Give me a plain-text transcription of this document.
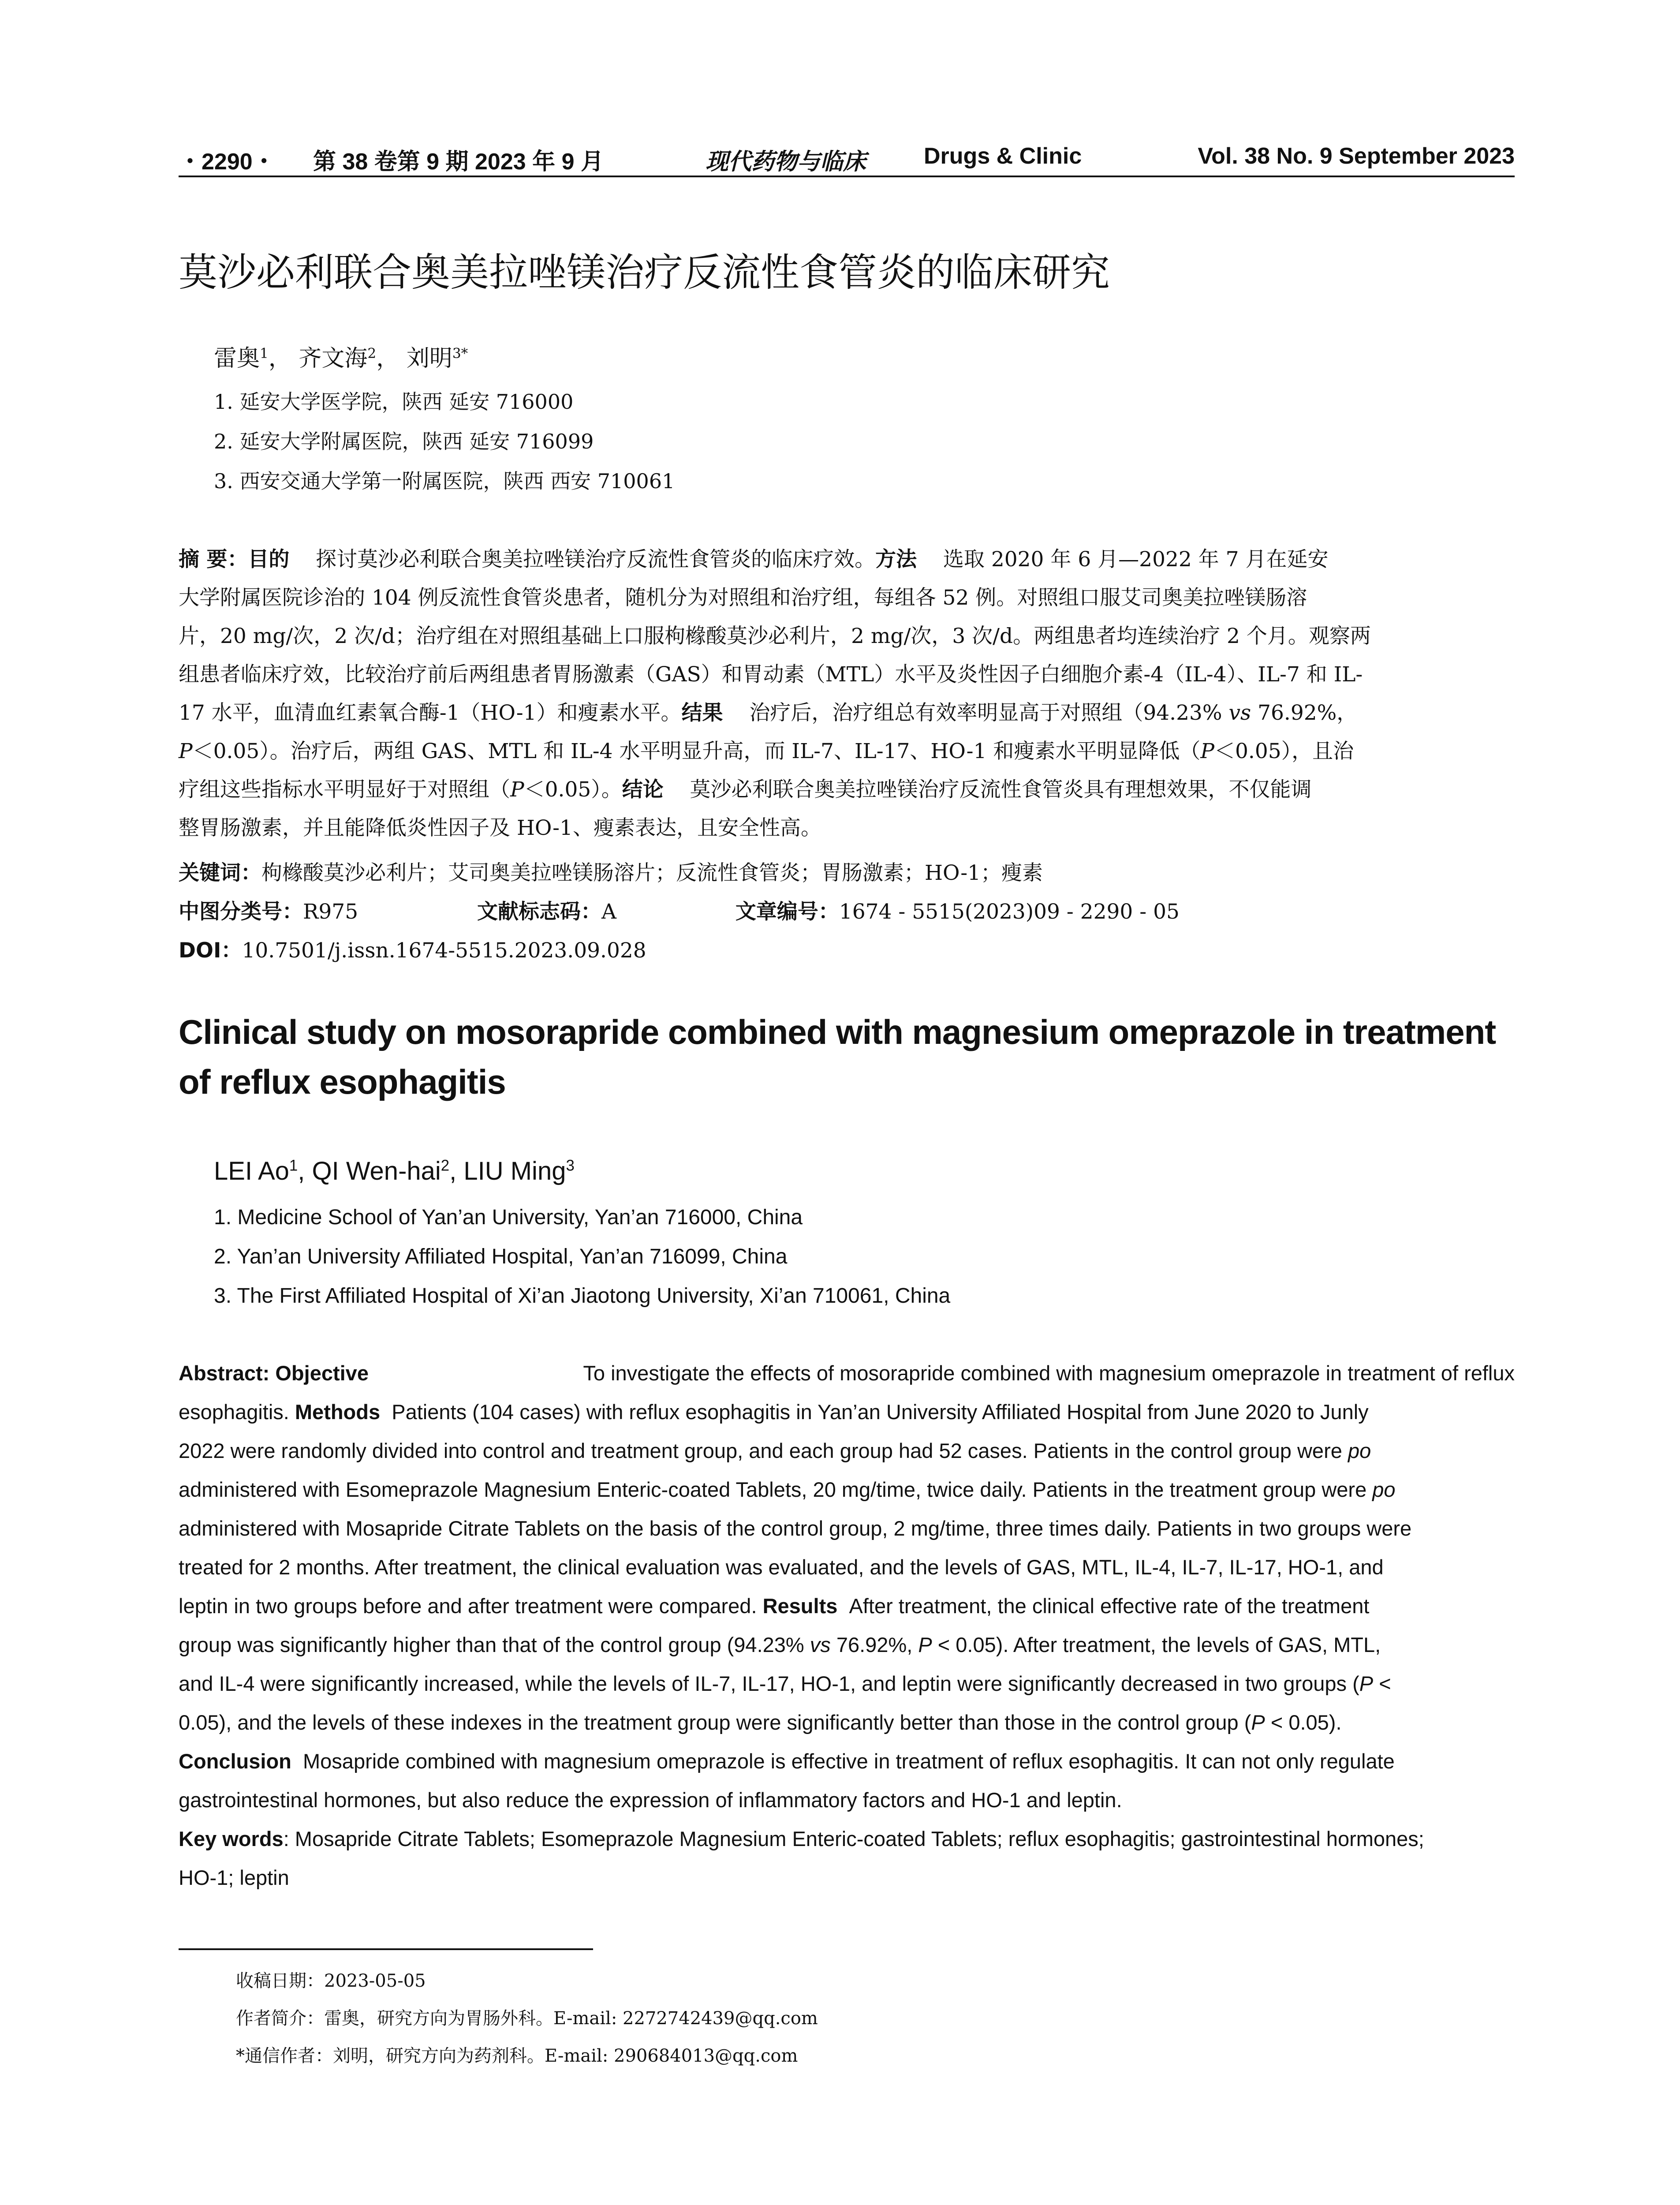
・2290・ 第 38 卷第 9 期 2023 年 9 月	现代药物与临床	Drugs & Clinic	Vol. 38 No. 9 September 2023
莫沙必利联合奥美拉唑镁治疗反流性食管炎的临床研究
雷奥$^1$， 齐文海$^2$， 刘明$^{3*}$
1. 延安大学医学院，陕西 延安 716000
2. 延安大学附属医院，陕西 延安 716099
3. 西安交通大学第一附属医院，陕西 西安 710061
摘 要：目的 探讨莫沙必利联合奥美拉唑镁治疗反流性食管炎的临床疗效。方法 选取 2020 年 6 月—2022 年 7 月在延安
大学附属医院诊治的 104 例反流性食管炎患者，随机分为对照组和治疗组，每组各 52 例。对照组口服艾司奥美拉唑镁肠溶
片，20 mg/次，2 次/d；治疗组在对照组基础上口服枸橼酸莫沙必利片，2 mg/次，3 次/d。两组患者均连续治疗 2 个月。观察两
组患者临床疗效，比较治疗前后两组患者胃肠激素（GAS）和胃动素（MTL）水平及炎性因子白细胞介素-4（IL-4）、IL-7 和 IL-
17 水平，血清血红素氧合酶-1（HO-1）和瘦素水平。结果 治疗后，治疗组总有效率明显高于对照组（94.23% vs 76.92%，
P＜0.05）。治疗后，两组 GAS、MTL 和 IL-4 水平明显升高，而 IL-7、IL-17、HO-1 和瘦素水平明显降低（P＜0.05），且治
疗组这些指标水平明显好于对照组（P＜0.05）。结论 莫沙必利联合奥美拉唑镁治疗反流性食管炎具有理想效果，不仅能调
整胃肠激素，并且能降低炎性因子及 HO-1、瘦素表达，且安全性高。
关键词：枸橼酸莫沙必利片；艾司奥美拉唑镁肠溶片；反流性食管炎；胃肠激素；HO-1；瘦素
中图分类号：R975	文献标志码：A	文章编号：1674 - 5515(2023)09 - 2290 - 05
DOI：10.7501/j.issn.1674-5515.2023.09.028
Clinical study on mosorapride combined with magnesium omeprazole in treatment
of reflux esophagitis
LEI Ao$^1$, QI Wen-hai$^2$, LIU Ming$^3$
1. Medicine School of Yan’an University, Yan’an 716000, China
2. Yan’an University Affiliated Hospital, Yan’an 716099, China
3. The First Affiliated Hospital of Xi’an Jiaotong University, Xi’an 710061, China
Abstract: Objective	To investigate the effects of mosorapride combined with magnesium omeprazole in treatment of reflux
esophagitis. Methods Patients (104 cases) with reflux esophagitis in Yan’an University Affiliated Hospital from June 2020 to Junly
2022 were randomly divided into control and treatment group, and each group had 52 cases. Patients in the control group were po
administered with Esomeprazole Magnesium Enteric-coated Tablets, 20 mg/time, twice daily. Patients in the treatment group were po
administered with Mosapride Citrate Tablets on the basis of the control group, 2 mg/time, three times daily. Patients in two groups were
treated for 2 months. After treatment, the clinical evaluation was evaluated, and the levels of GAS, MTL, IL-4, IL-7, IL-17, HO-1, and
leptin in two groups before and after treatment were compared. Results After treatment, the clinical effective rate of the treatment
group was significantly higher than that of the control group (94.23% vs 76.92%, P < 0.05). After treatment, the levels of GAS, MTL,
and IL-4 were significantly increased, while the levels of IL-7, IL-17, HO-1, and leptin were significantly decreased in two groups (P <
0.05), and the levels of these indexes in the treatment group were significantly better than those in the control group (P < 0.05).
Conclusion Mosapride combined with magnesium omeprazole is effective in treatment of reflux esophagitis. It can not only regulate
gastrointestinal hormones, but also reduce the expression of inflammatory factors and HO-1 and leptin.
Key words: Mosapride Citrate Tablets; Esomeprazole Magnesium Enteric-coated Tablets; reflux esophagitis; gastrointestinal hormones;
HO-1; leptin
收稿日期：2023-05-05
作者简介：雷奥，研究方向为胃肠外科。E-mail: 2272742439@qq.com
*通信作者：刘明，研究方向为药剂科。E-mail: 290684013@qq.com
